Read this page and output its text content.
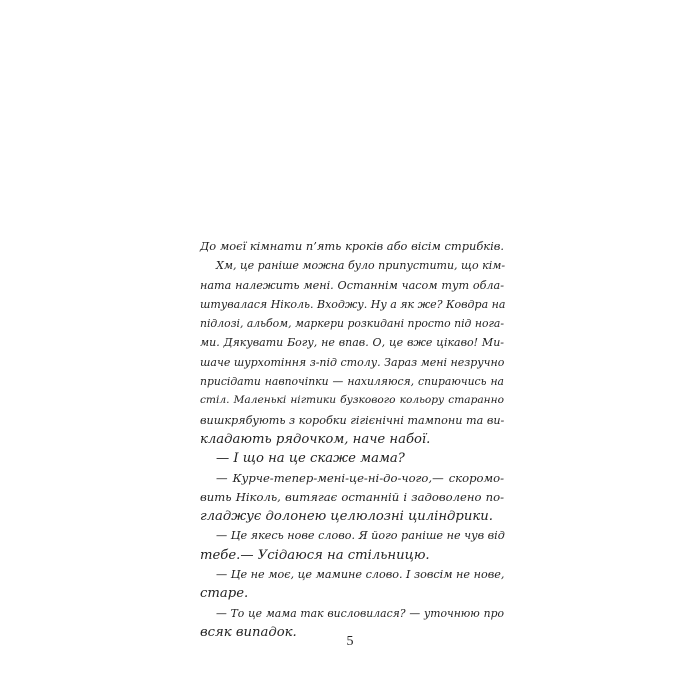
До моєї кімнати п’ять кроків або вісім стрибків.
Хм, це раніше можна було припустити, що кім-
ната належить мені. Останнім часом тут обла-
штувалася Ніколь. Входжу. Ну а як же? Ковдра на
підлозі, альбом, маркери розкидані просто під нога-
ми. Дякувати Богу, не впав. О, це вже цікаво! Ми-
шаче шурхотіння з-під столу. Зараз мені незручно
присідати навпочіпки — нахиляюся, спираючись на
стіл. Маленькі нігтики бузкового кольору старанно
вишкрябують з коробки гігієнічні тампони та ви-
кладають рядочком, наче набої.
— І що на це скаже мама?
— Курче-тепер-мені-це-ні-до-чого,— скоромо-
вить Ніколь, витягає останній і задоволено по-
гладжує долонею целюлозні циліндрики.
— Це якесь нове слово. Я його раніше не чув від
тебе.— Усідаюся на стільницю.
— Це не моє, це мамине слово. І зовсім не нове,
старе.
— То це мама так висловилася? — уточнюю про
всяк випадок.
5
